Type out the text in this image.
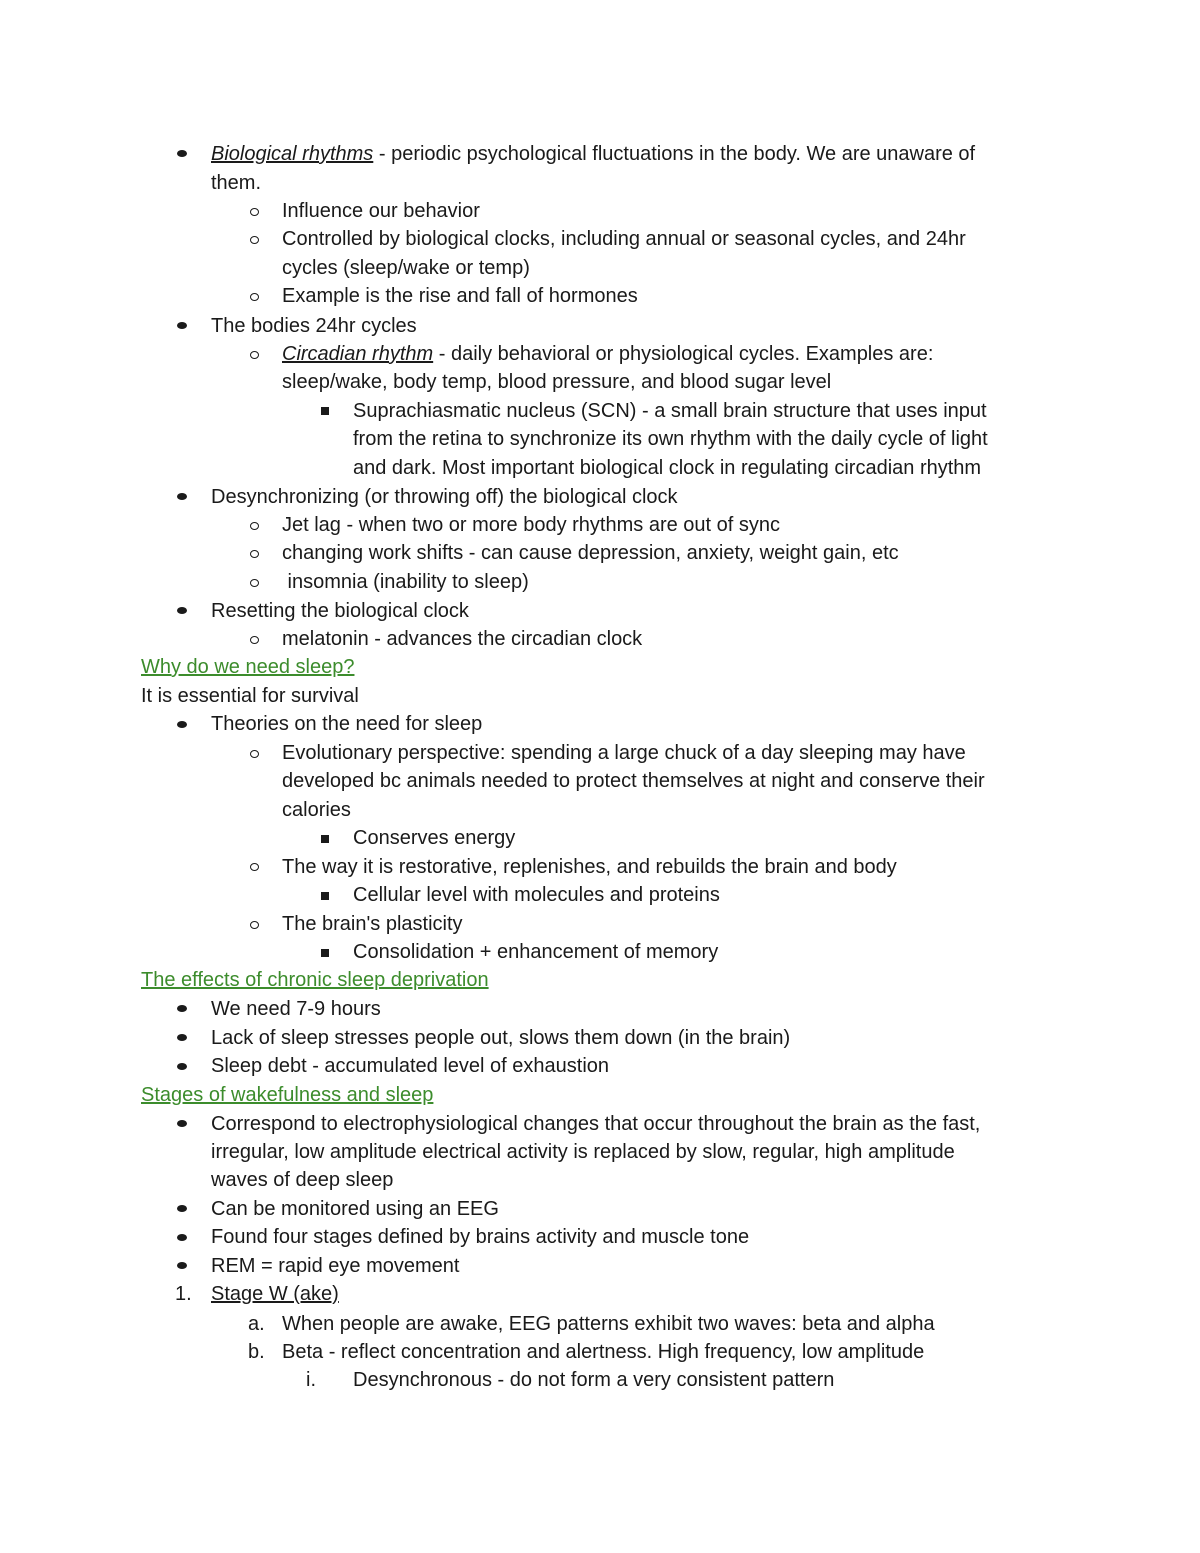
Biological rhythms - periodic psychological fluctuations in the body. We are unaware of
them.
Influence our behavior
Controlled by biological clocks, including annual or seasonal cycles, and 24hr
cycles (sleep/wake or temp)
Example is the rise and fall of hormones
The bodies 24hr cycles
Circadian rhythm - daily behavioral or physiological cycles. Examples are:
sleep/wake, body temp, blood pressure, and blood sugar level
Suprachiasmatic nucleus (SCN) - a small brain structure that uses input
from the retina to synchronize its own rhythm with the daily cycle of light
and dark. Most important biological clock in regulating circadian rhythm
Desynchronizing (or throwing off) the biological clock
Jet lag - when two or more body rhythms are out of sync
changing work shifts - can cause depression, anxiety, weight gain, etc
insomnia (inability to sleep)
Resetting the biological clock
melatonin - advances the circadian clock
Why do we need sleep?
It is essential for survival
Theories on the need for sleep
Evolutionary perspective: spending a large chuck of a day sleeping may have
developed bc animals needed to protect themselves at night and conserve their
calories
Conserves energy
The way it is restorative, replenishes, and rebuilds the brain and body
Cellular level with molecules and proteins
The brain's plasticity
Consolidation + enhancement of memory
The effects of chronic sleep deprivation
We need 7-9 hours
Lack of sleep stresses people out, slows them down (in the brain)
Sleep debt - accumulated level of exhaustion
Stages of wakefulness and sleep
Correspond to electrophysiological changes that occur throughout the brain as the fast,
irregular, low amplitude electrical activity is replaced by slow, regular, high amplitude
waves of deep sleep
Can be monitored using an EEG
Found four stages defined by brains activity and muscle tone
REM = rapid eye movement
1. Stage W (ake)
a. When people are awake, EEG patterns exhibit two waves: beta and alpha
b. Beta - reflect concentration and alertness. High frequency, low amplitude
i. Desynchronous - do not form a very consistent pattern
